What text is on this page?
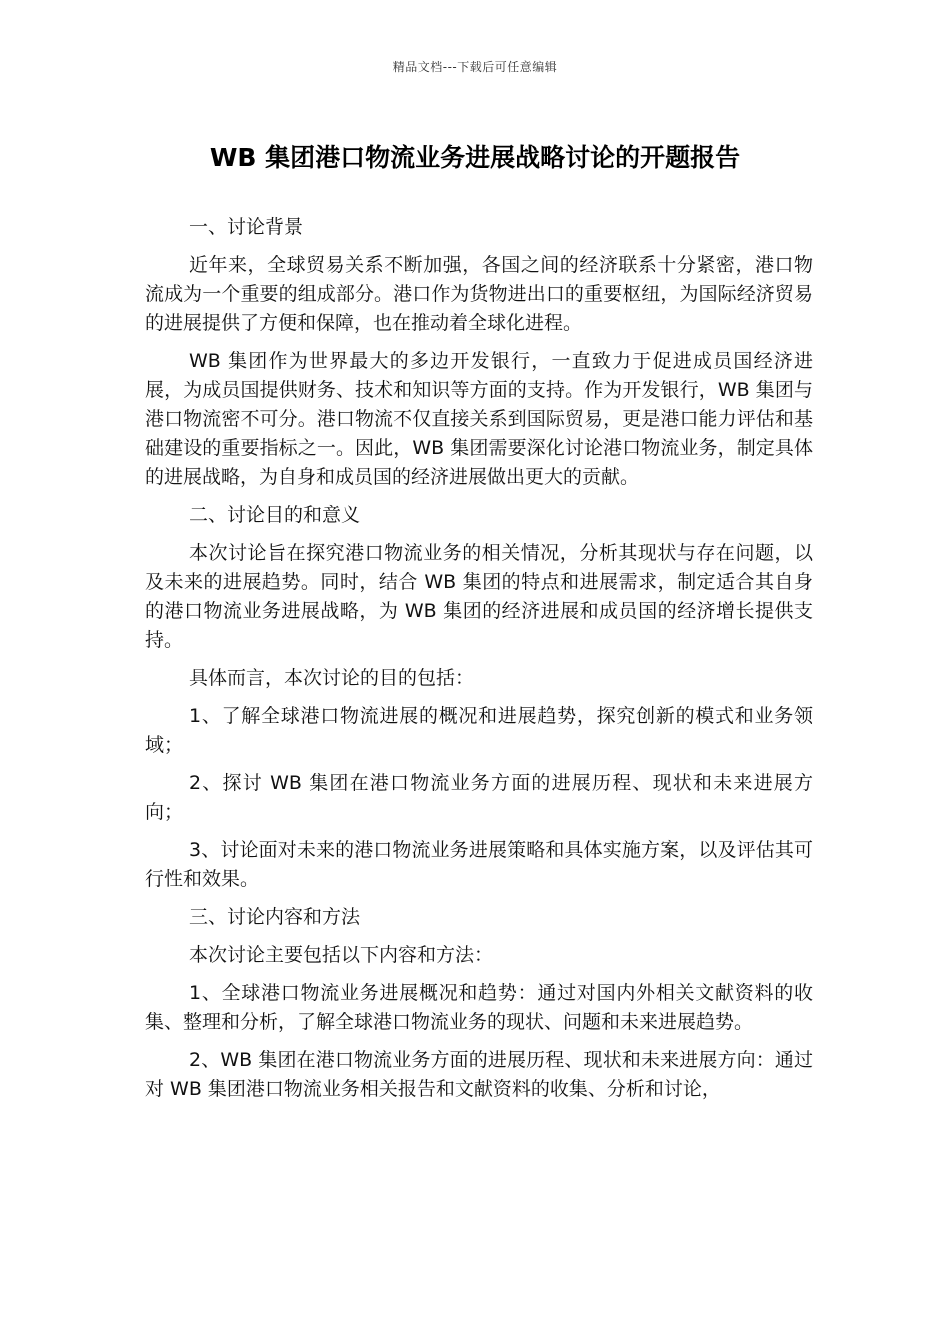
精品文档---下载后可任意编辑
WB 集团港口物流业务进展战略讨论的开题报告

一、讨论背景

近年来，全球贸易关系不断加强，各国之间的经济联系十分紧密，港口物流成为一个重要的组成部分。港口作为货物进出口的重要枢纽，为国际经济贸易的进展提供了方便和保障，也在推动着全球化进程。

WB 集团作为世界最大的多边开发银行，一直致力于促进成员国经济进展，为成员国提供财务、技术和知识等方面的支持。作为开发银行，WB 集团与港口物流密不可分。港口物流不仅直接关系到国际贸易，更是港口能力评估和基础建设的重要指标之一。因此，WB 集团需要深化讨论港口物流业务，制定具体的进展战略，为自身和成员国的经济进展做出更大的贡献。

二、讨论目的和意义

本次讨论旨在探究港口物流业务的相关情况，分析其现状与存在问题，以及未来的进展趋势。同时，结合 WB 集团的特点和进展需求，制定适合其自身的港口物流业务进展战略，为 WB 集团的经济进展和成员国的经济增长提供支持。

具体而言，本次讨论的目的包括：

1、了解全球港口物流进展的概况和进展趋势，探究创新的模式和业务领域；

2、探讨 WB 集团在港口物流业务方面的进展历程、现状和未来进展方向；

3、讨论面对未来的港口物流业务进展策略和具体实施方案，以及评估其可行性和效果。

三、讨论内容和方法

本次讨论主要包括以下内容和方法：

1、全球港口物流业务进展概况和趋势：通过对国内外相关文献资料的收集、整理和分析，了解全球港口物流业务的现状、问题和未来进展趋势。

2、WB 集团在港口物流业务方面的进展历程、现状和未来进展方向：通过对 WB 集团港口物流业务相关报告和文献资料的收集、分析和讨论，
